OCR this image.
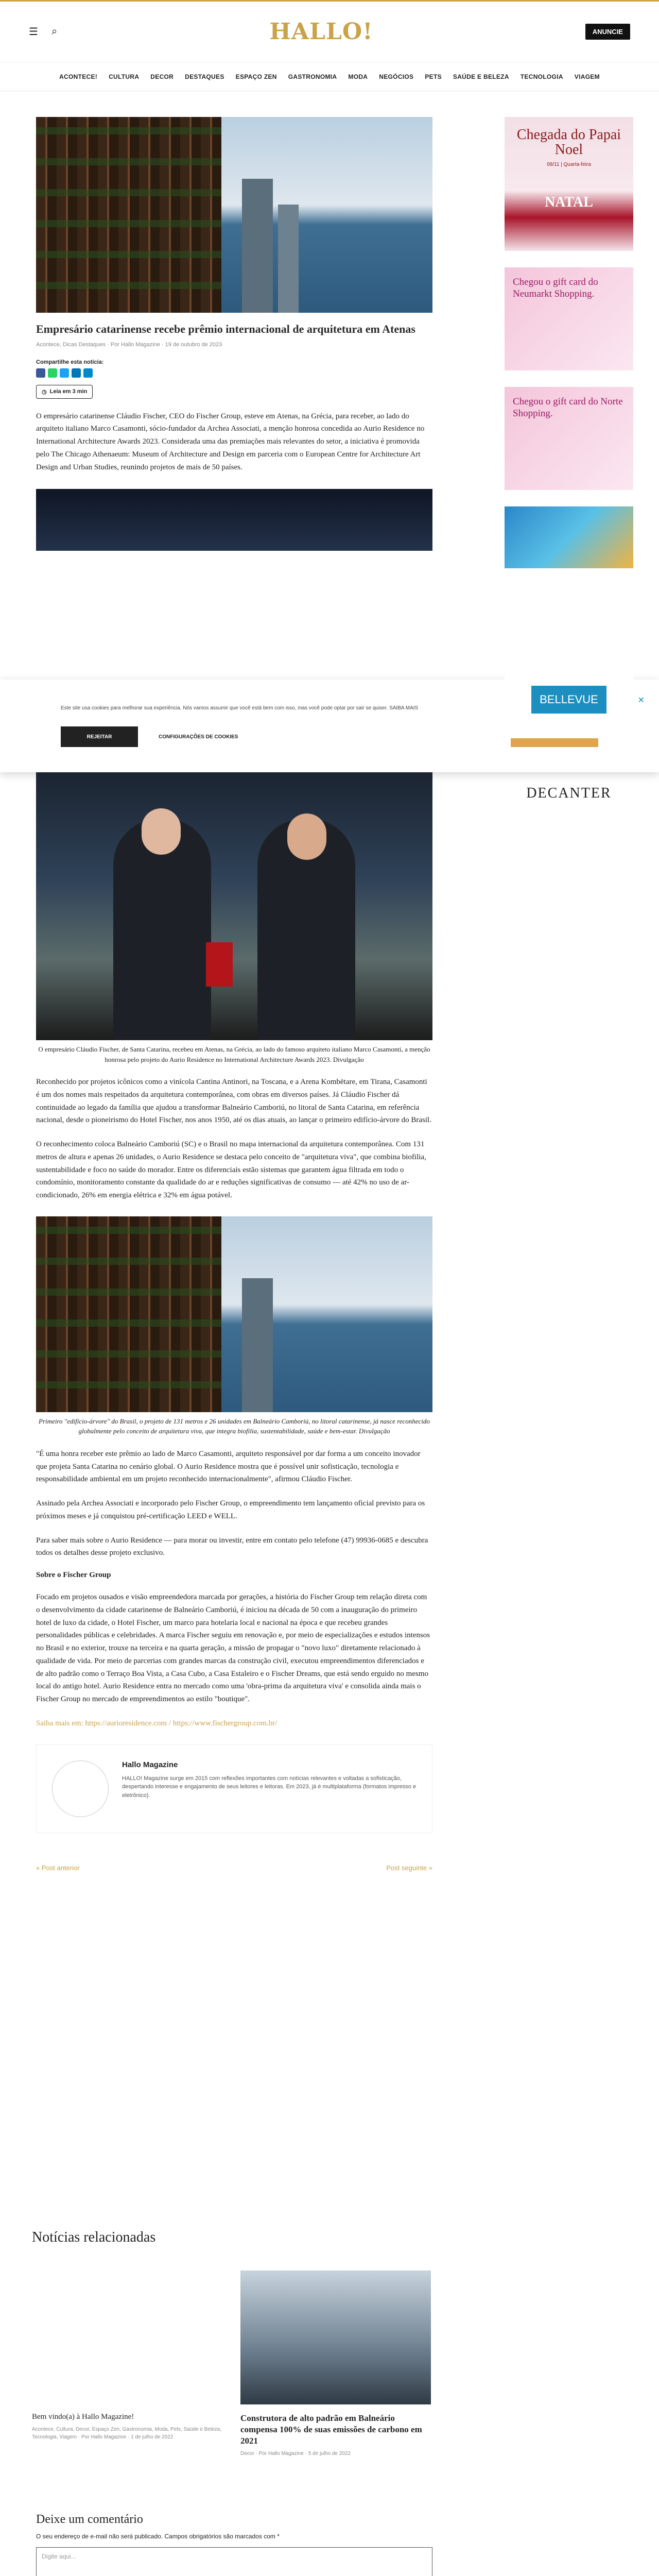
☰ ⌕	HALLO!	ANUNCIE
ACONTECE! CULTURA DECOR DESTAQUES ESPAÇO ZEN GASTRONOMIA MODA NEGÓCIOS PETS SAÚDE E BELEZA TECNOLOGIA VIAGEM
Empresário catarinense recebe prêmio internacional de arquitetura em Atenas
Acontece, Dicas Destaques · Por Hallo Magazine · 19 de outubro de 2023
Compartilhe esta notícia:
◷ Leia em 3 min

O empresário catarinense Cláudio Fischer, CEO do Fischer Group, esteve em Atenas, na Grécia, para receber, ao lado do arquiteto italiano Marco Casamonti, sócio-fundador da Archea Associati, a menção honrosa concedida ao Aurio Residence no International Architecture Awards 2023. Considerada uma das premiações mais relevantes do setor, a iniciativa é promovida pelo The Chicago Athenaeum: Museum of Architecture and Design em parceria com o European Centre for Architecture Art Design and Urban Studies, reunindo projetos de mais de 50 países.

Este site usa cookies para melhorar sua experiência. Nós vamos assumir que você está bem com isso, mas você pode optar por sair se quiser. SAIBA MAIS
REJEITAR	CONFIGURAÇÕES DE COOKIES
✕

O empresário Cláudio Fischer, de Santa Catarina, recebeu em Atenas, na Grécia, ao lado do famoso arquiteto italiano Marco Casamonti, a menção honrosa pelo projeto do Aurio Residence no International Architecture Awards 2023. Divulgação

Reconhecido por projetos icônicos como a vinícola Cantina Antinori, na Toscana, e a Arena Kombëtare, em Tirana, Casamonti é um dos nomes mais respeitados da arquitetura contemporânea, com obras em diversos países. Já Cláudio Fischer dá continuidade ao legado da família que ajudou a transformar Balneário Camboriú, no litoral de Santa Catarina, em referência nacional, desde o pioneirismo do Hotel Fischer, nos anos 1950, até os dias atuais, ao lançar o primeiro edifício-árvore do Brasil.

O reconhecimento coloca Balneário Camboriú (SC) e o Brasil no mapa internacional da arquitetura contemporânea. Com 131 metros de altura e apenas 26 unidades, o Aurio Residence se destaca pelo conceito de "arquitetura viva", que combina biofilia, sustentabilidade e foco no saúde do morador. Entre os diferenciais estão sistemas que garantem água filtrada em todo o condomínio, monitoramento constante da qualidade do ar e reduções significativas de consumo — até 42% no uso de ar-condicionado, 26% em energia elétrica e 32% em água potável.

Primeiro "edifício-árvore" do Brasil, o projeto de 131 metros e 26 unidades em Balneário Camboriú, no litoral catarinense, já nasce reconhecido globalmente pelo conceito de arquitetura viva, que integra biofilia, sustentabilidade, saúde e bem-estar. Divulgação

"É uma honra receber este prêmio ao lado de Marco Casamonti, arquiteto responsável por dar forma a um conceito inovador que projeta Santa Catarina no cenário global. O Aurio Residence mostra que é possível unir sofisticação, tecnologia e responsabilidade ambiental em um projeto reconhecido internacionalmente", afirmou Cláudio Fischer.

Assinado pela Archea Associati e incorporado pelo Fischer Group, o empreendimento tem lançamento oficial previsto para os próximos meses e já conquistou pré-certificação LEED e WELL.

Para saber mais sobre o Aurio Residence — para morar ou investir, entre em contato pelo telefone (47) 99936-0685 e descubra todos os detalhes desse projeto exclusivo.

Sobre o Fischer Group

Focado em projetos ousados e visão empreendedora marcada por gerações, a história do Fischer Group tem relação direta com o desenvolvimento da cidade catarinense de Balneário Camboriú, é iniciou na década de 50 com a inauguração do primeiro hotel de luxo da cidade, o Hotel Fischer, um marco para hotelaria local e nacional na época e que recebeu grandes personalidades públicas e celebridades. A marca Fischer seguiu em renovação e, por meio de especializações e estudos intensos no Brasil e no exterior, trouxe na terceira e na quarta geração, a missão de propagar o "novo luxo" diretamente relacionado à qualidade de vida. Por meio de parcerias com grandes marcas da construção civil, executou empreendimentos diferenciados e de alto padrão como o Terraço Boa Vista, a Casa Cubo, a Casa Estaleiro e o Fischer Dreams, que está sendo erguido no mesmo local do antigo hotel. Aurio Residence entra no mercado como uma 'obra-prima da arquitetura viva' e consolida ainda mais o Fischer Group no mercado de empreendimentos ao estilo "boutique".

Saiba mais em: https://aurioresidence.com / https://www.fischergroup.com.br/

Hallo Magazine
HALLO! Magazine surge em 2015 com reflexões importantes com notícias relevantes e voltadas a sofisticação, despertando interesse e engajamento de seus leitores e leitoras. Em 2023, já é multiplataforma (formatos impresso e eletrônico).
« Post anterior	Post seguinte »
Notícias relacionadas
Bem vindo(a) à Hallo Magazine!
Acontece, Cultura, Decor, Espaço Zen, Gastronomia, Moda, Pets, Saúde e Beleza, Tecnologia, Viagem · Por Hallo Magazine · 1 de julho de 2022
Construtora de alto padrão em Balneário compensa 100% de suas emissões de carbono em 2021
Decor · Por Hallo Magazine · 5 de julho de 2022
Deixe um comentário

O seu endereço de e-mail não será publicado. Campos obrigatórios são marcados com *

Digite aqui...
Chegada do Papai Noel
08/11 | Quarta-feira
NATAL
Chegou o gift card do Neumarkt Shopping.
Chegou o gift card do Norte Shopping.
BELLEVUE
DECANTER
